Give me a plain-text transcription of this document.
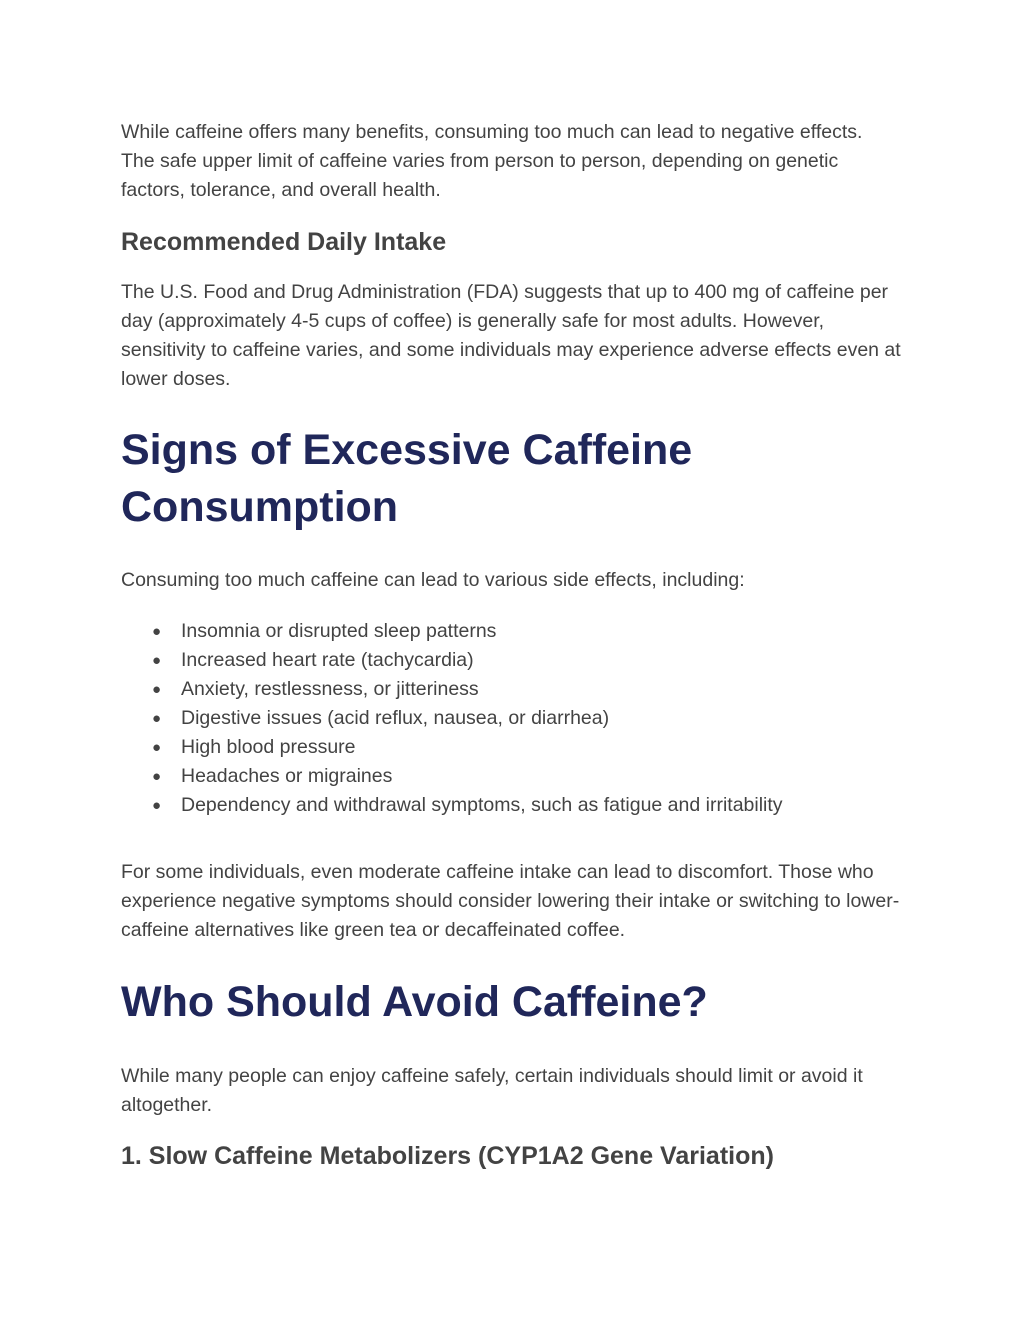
While caffeine offers many benefits, consuming too much can lead to negative effects. The safe upper limit of caffeine varies from person to person, depending on genetic factors, tolerance, and overall health.

Recommended Daily Intake

The U.S. Food and Drug Administration (FDA) suggests that up to 400 mg of caffeine per day (approximately 4-5 cups of coffee) is generally safe for most adults. However, sensitivity to caffeine varies, and some individuals may experience adverse effects even at lower doses.

Signs of Excessive Caffeine Consumption

Consuming too much caffeine can lead to various side effects, including:

● Insomnia or disrupted sleep patterns
● Increased heart rate (tachycardia)
● Anxiety, restlessness, or jitteriness
● Digestive issues (acid reflux, nausea, or diarrhea)
● High blood pressure
● Headaches or migraines
● Dependency and withdrawal symptoms, such as fatigue and irritability

For some individuals, even moderate caffeine intake can lead to discomfort. Those who experience negative symptoms should consider lowering their intake or switching to lower-caffeine alternatives like green tea or decaffeinated coffee.

Who Should Avoid Caffeine?

While many people can enjoy caffeine safely, certain individuals should limit or avoid it altogether.

1. Slow Caffeine Metabolizers (CYP1A2 Gene Variation)
